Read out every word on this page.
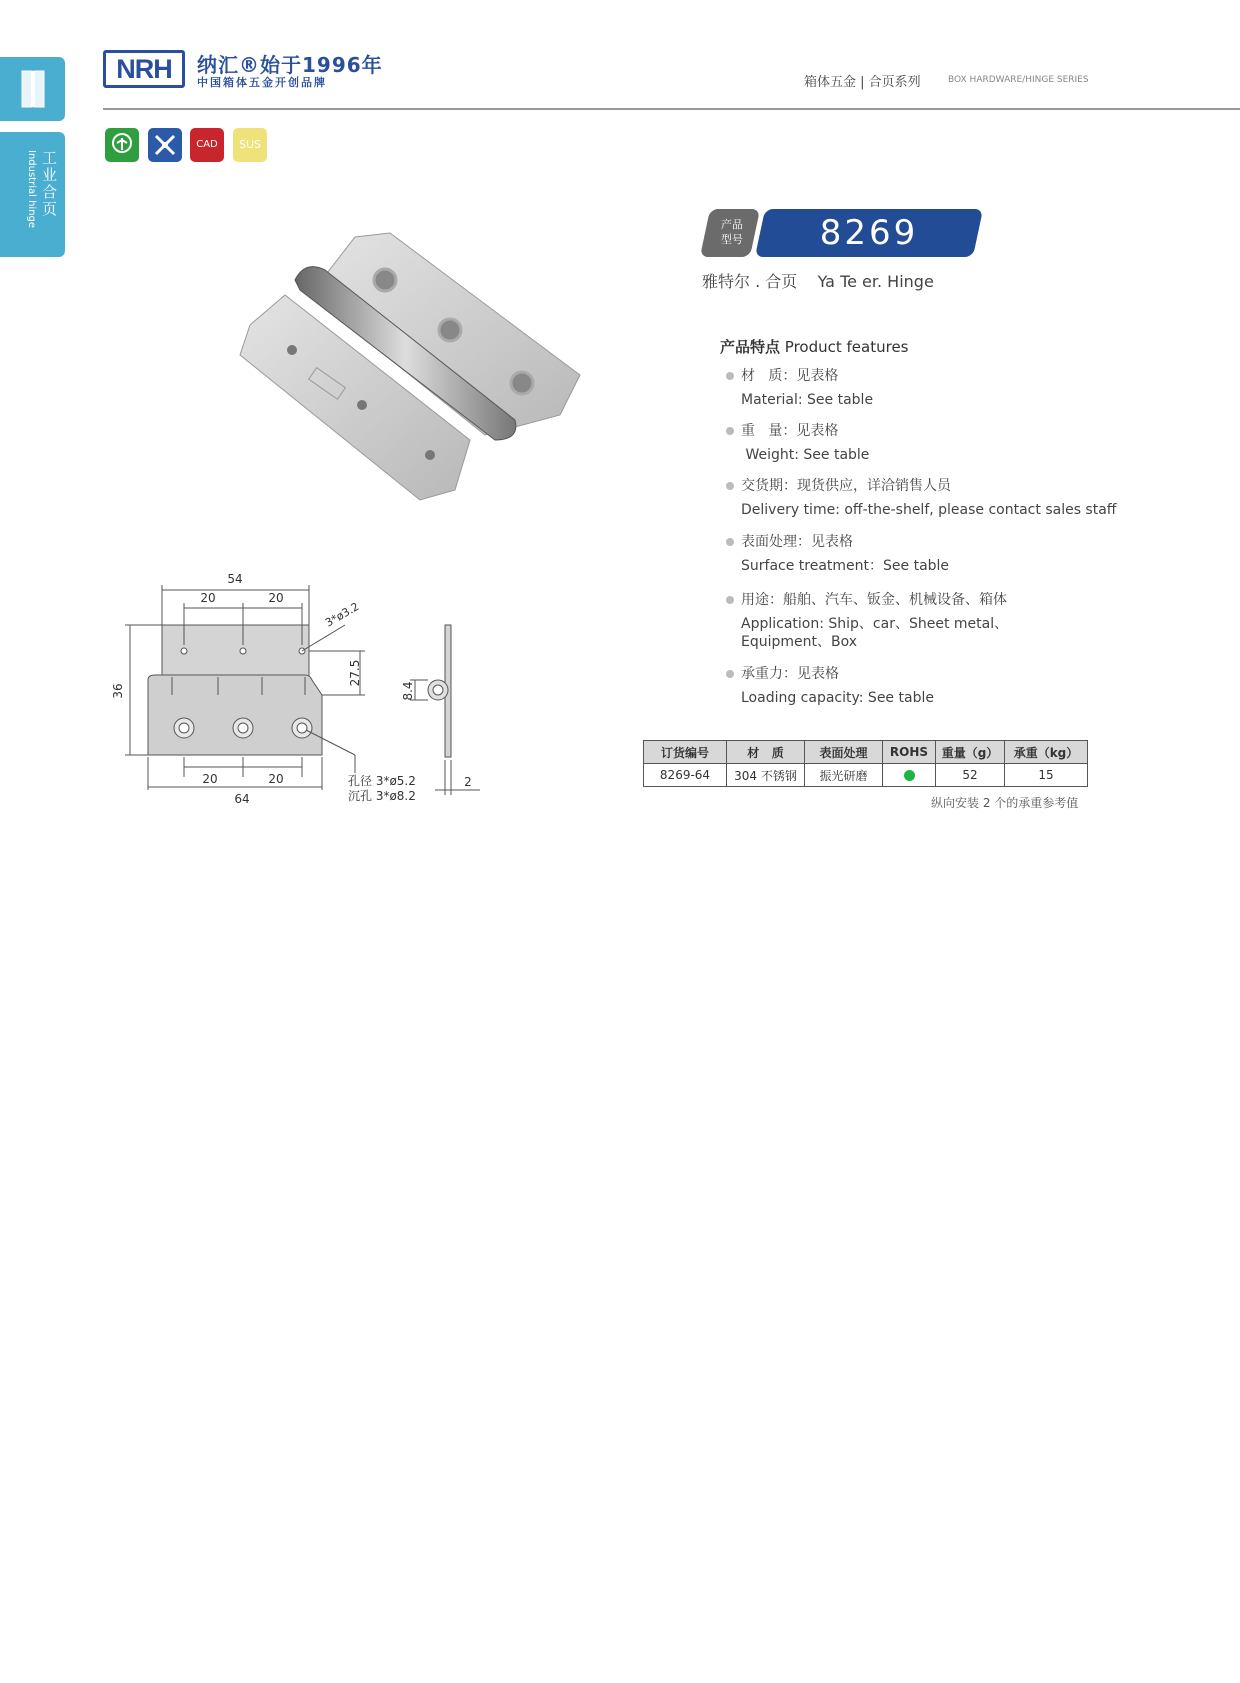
工业合页
Industrial hinge
NRH	纳汇®始于1996年
中国箱体五金开创品牌	箱体五金 | 合页系列	BOX HARDWARE/HINGE SERIES
CAD	SUS
54
20	20
36
27.5
20	20
64
8.4
2
3*ø3.2
孔径 3*ø5.2
沉孔 3*ø8.2
产品
型号	8269
雅特尔 . 合页    Ya Te er. Hinge
产品特点 Product features
材   质：见表格
Material: See table
重   量：见表格
Weight: See table
交货期：现货供应，详洽销售人员
Delivery time: off-the-shelf, please contact sales staff
表面处理：见表格
Surface treatment：See table
用途：船舶、汽车、钣金、机械设备、箱体
Application: Ship、car、Sheet metal、
Equipment、Box
承重力：见表格
Loading capacity: See table
订货编号	材   质	表面处理	ROHS	重量（g）	承重（kg）
8269-64	304 不锈钢	振光研磨		52	15
纵向安装 2 个的承重参考值
